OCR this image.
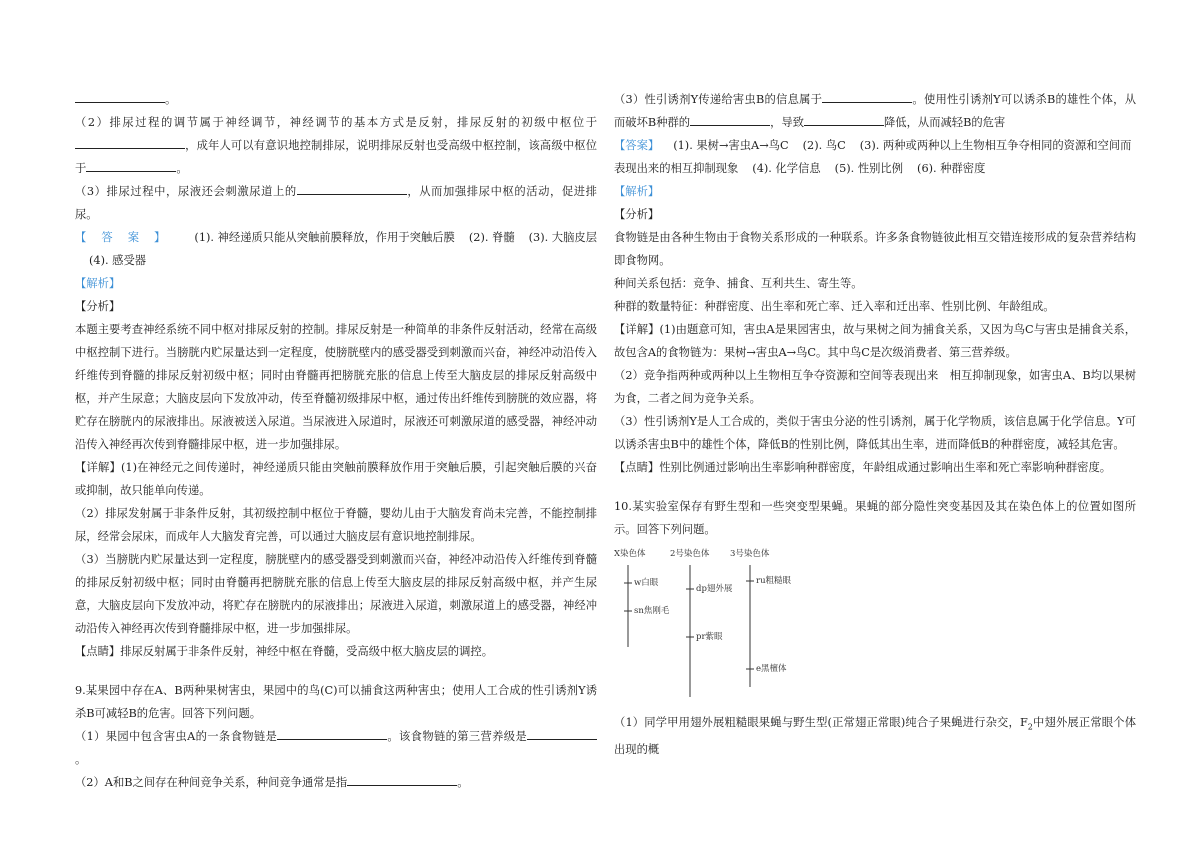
。

（2）排尿过程的调节属于神经调节，神经调节的基本方式是反射，排尿反射的初级中枢位于，成年人可以有意识地控制排尿，说明排尿反射也受高级中枢控制，该高级中枢位于	。

（3）排尿过程中，尿液还会刺激尿道上的	，从而加强排尿中枢的活动，促进排尿。

【答案】 (1). 神经递质只能从突触前膜释放，作用于突触后膜 (2). 脊髓 (3). 大脑皮层(4). 感受器

【解析】

【分析】

本题主要考查神经系统不同中枢对排尿反射的控制。排尿反射是一种简单的非条件反射活动，经常在高级中枢控制下进行。当膀胱内贮尿量达到一定程度，使膀胱壁内的感受器受到刺激而兴奋，神经冲动沿传入纤维传到脊髓的排尿反射初级中枢；同时由脊髓再把膀胱充胀的信息上传至大脑皮层的排尿反射高级中枢，并产生尿意；大脑皮层向下发放冲动，传至脊髓初级排尿中枢，通过传出纤维传到膀胱的效应器，将贮存在膀胱内的尿液排出。尿液被送入尿道。当尿液进入尿道时，尿液还可刺激尿道的感受器，神经冲动沿传入神经再次传到脊髓排尿中枢，进一步加强排尿。

【详解】(1)在神经元之间传递时，神经递质只能由突触前膜释放作用于突触后膜，引起突触后膜的兴奋或抑制，故只能单向传递。

（2）排尿发射属于非条件反射，其初级控制中枢位于脊髓，婴幼儿由于大脑发育尚未完善，不能控制排尿，经常会尿床，而成年人大脑发育完善，可以通过大脑皮层有意识地控制排尿。

（3）当膀胱内贮尿量达到一定程度，膀胱壁内的感受器受到刺激而兴奋，神经冲动沿传入纤维传到脊髓的排尿反射初级中枢；同时由脊髓再把膀胱充胀的信息上传至大脑皮层的排尿反射高级中枢，并产生尿意，大脑皮层向下发放冲动，将贮存在膀胱内的尿液排出；尿液进入尿道，刺激尿道上的感受器，神经冲动沿传入神经再次传到脊髓排尿中枢，进一步加强排尿。

【点睛】排尿反射属于非条件反射，神经中枢在脊髓，受高级中枢大脑皮层的调控。

9.某果园中存在A、B两种果树害虫，果园中的鸟(C)可以捕食这两种害虫；使用人工合成的性引诱剂Y诱杀B可减轻B的危害。回答下列问题。

（1）果园中包含害虫A的一条食物链是	。该食物链的第三营养级是。

（2）A和B之间存在种间竞争关系，种间竞争通常是指	。

（3）性引诱剂Y传递给害虫B的信息属于	。使用性引诱剂Y可以诱杀B的雄性个体，从而破坏B种群的	，导致	降低，从而减轻B的危害

【答案】 (1). 果树→害虫A→鸟C (2). 鸟C (3). 两种或两种以上生物相互争夺相同的资源和空间而

表现出来的相互抑制现象 (4). 化学信息 (5). 性别比例 (6). 种群密度

【解析】

【分析】

食物链是由各种生物由于食物关系形成的一种联系。许多条食物链彼此相互交错连接形成的复杂营养结构即食物网。

种间关系包括：竞争、捕食、互利共生、寄生等。

种群的数量特征：种群密度、出生率和死亡率、迁入率和迁出率、性别比例、年龄组成。

【详解】(1)由题意可知，害虫A是果园害虫，故与果树之间为捕食关系，又因为鸟C与害虫是捕食关系，故包含A的食物链为：果树→害虫A→鸟C。其中鸟C是次级消费者、第三营养级。

（2）竞争指两种或两种以上生物相互争夺资源和空间等表现出来　相互抑制现象，如害虫A、B均以果树为食，二者之间为竞争关系。

（3）性引诱剂Y是人工合成的，类似于害虫分泌的性引诱剂，属于化学物质，该信息属于化学信息。Y可以诱杀害虫B中的雄性个体，降低B的性别比例，降低其出生率，进而降低B的种群密度，减轻其危害。

【点睛】性别比例通过影响出生率影响种群密度，年龄组成通过影响出生率和死亡率影响种群密度。

10.某实验室保存有野生型和一些突变型果蝇。果蝇的部分隐性突变基因及其在染色体上的位置如图所示。回答下列问题。

X染色体	2号染色体 3号染色体
w白眼
sn焦刚毛
dp翅外展
pr紫眼
ru粗糙眼
e黑檀体

（1）同学甲用翅外展粗糙眼果蝇与野生型(正常翅正常眼)纯合子果蝇进行杂交，$F_2$中翅外展正常眼个体出现的概
